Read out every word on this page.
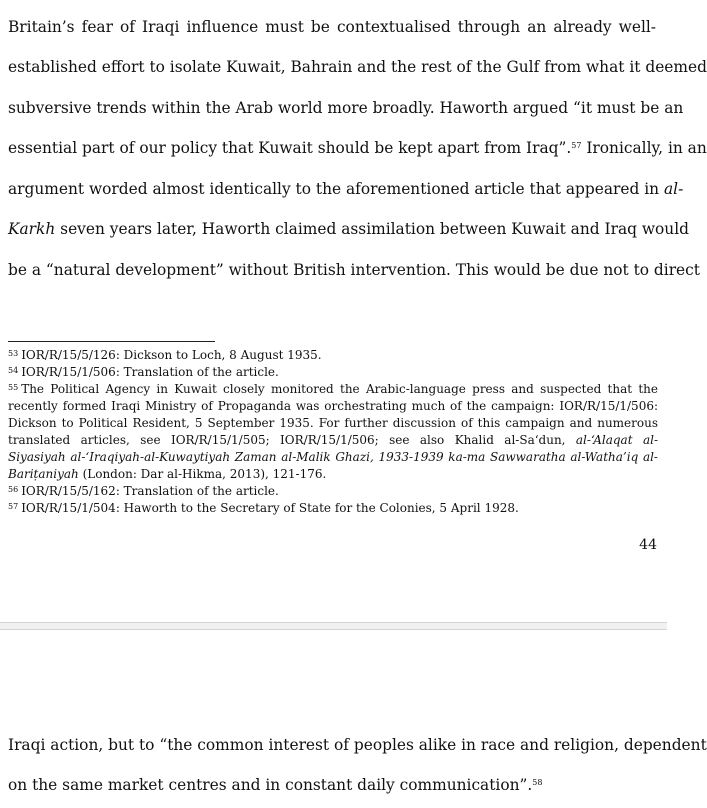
Britain’s fear of Iraqi influence must be contextualised through an already well-
established effort to isolate Kuwait, Bahrain and the rest of the Gulf from what it deemed
subversive trends within the Arab world more broadly. Haworth argued “it must be an
essential part of our policy that Kuwait should be kept apart from Iraq”.$^{57}$ Ironically, in an
argument worded almost identically to the aforementioned article that appeared in al-
Karkh seven years later, Haworth claimed assimilation between Kuwait and Iraq would
be a “natural development” without British intervention. This would be due not to direct
$^{53}$ IOR/R/15/5/126: Dickson to Loch, 8 August 1935.
$^{54}$ IOR/R/15/1/506: Translation of the article.
$^{55}$ The Political Agency in Kuwait closely monitored the Arabic-language press and suspected that the
recently formed Iraqi Ministry of Propaganda was orchestrating much of the campaign: IOR/R/15/1/506:
Dickson to Political Resident, 5 September 1935. For further discussion of this campaign and numerous
translated articles, see IOR/R/15/1/505; IOR/R/15/1/506; see also Khalid al-Sa‘dun, al-‘Alaqat al-
Siyasiyah al-‘Iraqiyah-al-Kuwaytiyah Zaman al-Malik Ghazi, 1933-1939 ka-ma Sawwaratha al-Watha’iq al-
Bariṭaniyah (London: Dar al-Hikma, 2013), 121-176.
$^{56}$ IOR/R/15/5/162: Translation of the article.
$^{57}$ IOR/R/15/1/504: Haworth to the Secretary of State for the Colonies, 5 April 1928.
44
Iraqi action, but to “the common interest of peoples alike in race and religion, dependent
on the same market centres and in constant daily communication”.$^{58}$
